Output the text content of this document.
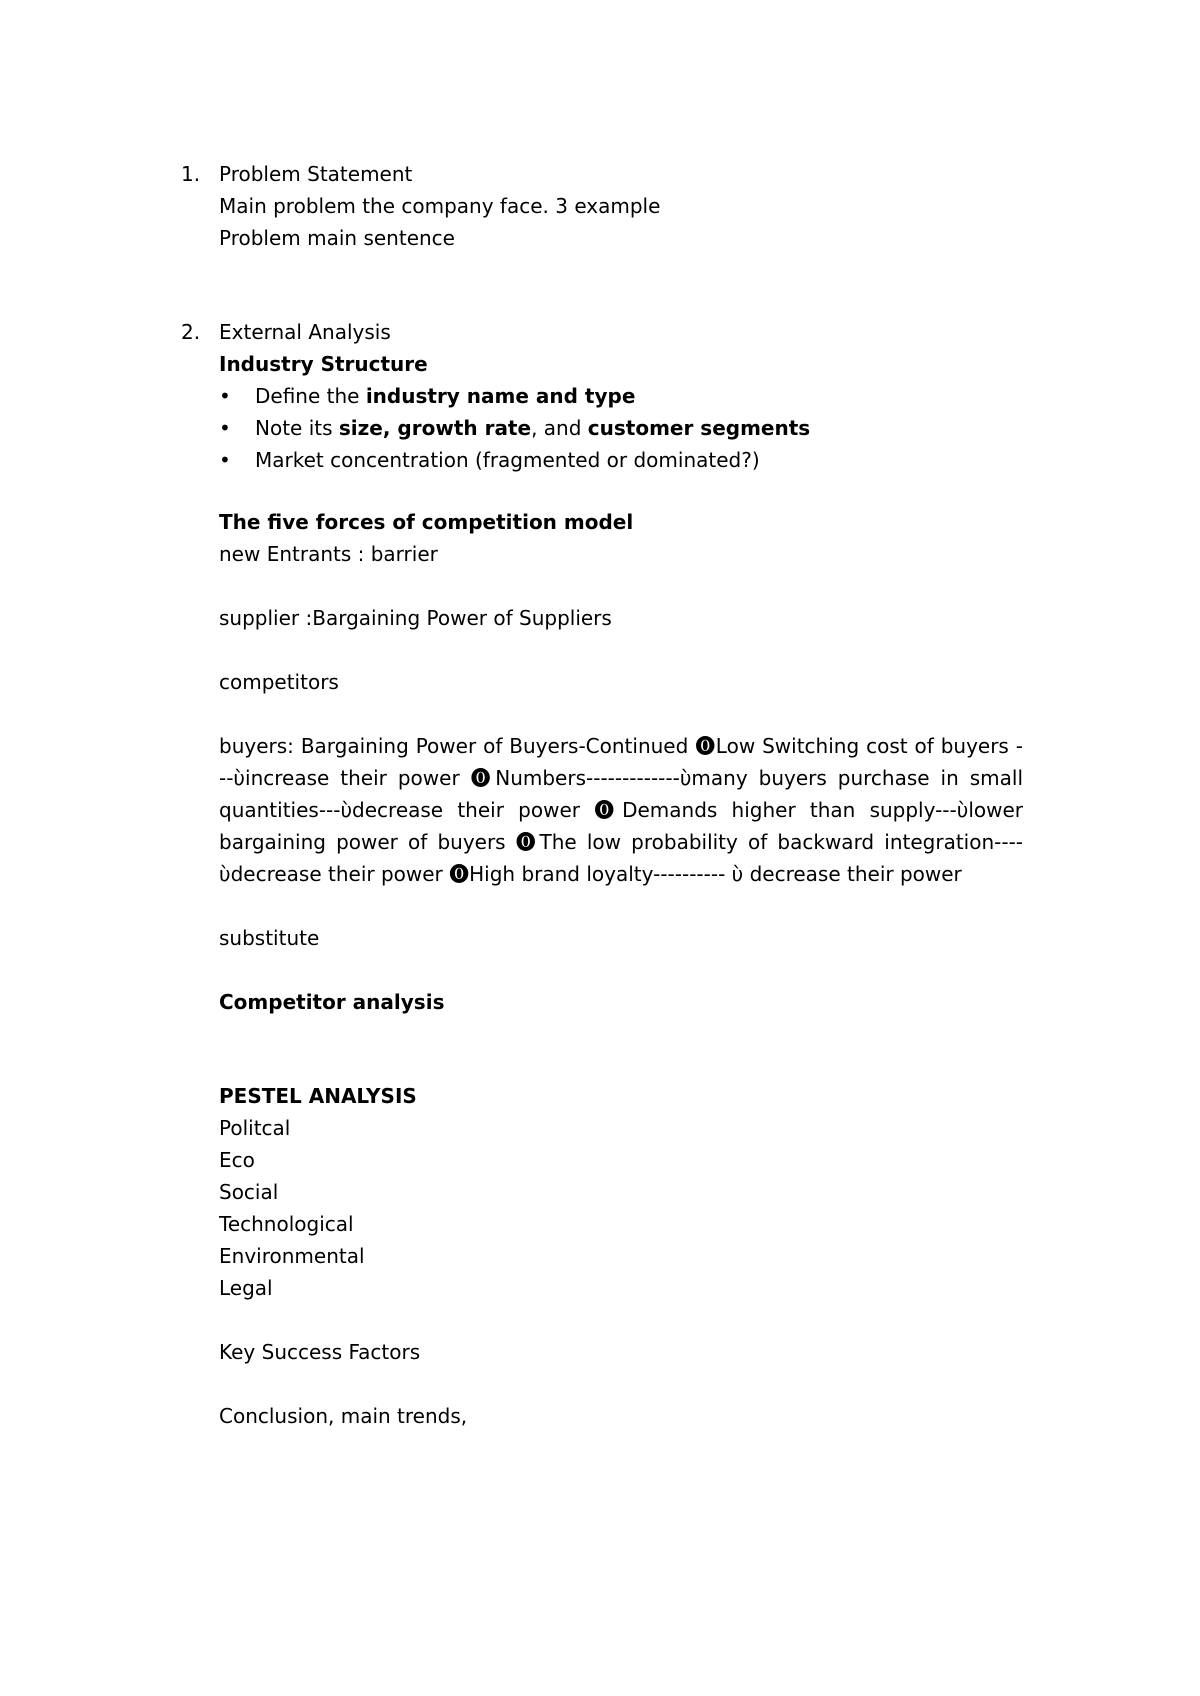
1. Problem Statement
Main problem the company face. 3 example
Problem main sentence
2. External Analysis
Industry Structure
•	Define the industry name and type
•	Note its size, growth rate, and customer segments
•	Market concentration (fragmented or dominated?)
The five forces of competition model
new Entrants : barrier
supplier :Bargaining Power of Suppliers
competitors
buyers: Bargaining Power of Buyers-Continued ⓿Low Switching cost of buyers ---ὺincrease their power ⓿Numbers-------------ὺmany buyers purchase in small quantities---ὺdecrease their power ⓿Demands higher than supply---ὺlower bargaining power of buyers ⓿The low probability of backward integration----ὺdecrease their power ⓿High brand loyalty---------- ὺ decrease their power
substitute
Competitor analysis
PESTEL ANALYSIS
Politcal
Eco
Social
Technological
Environmental
Legal
Key Success Factors
Conclusion, main trends,
